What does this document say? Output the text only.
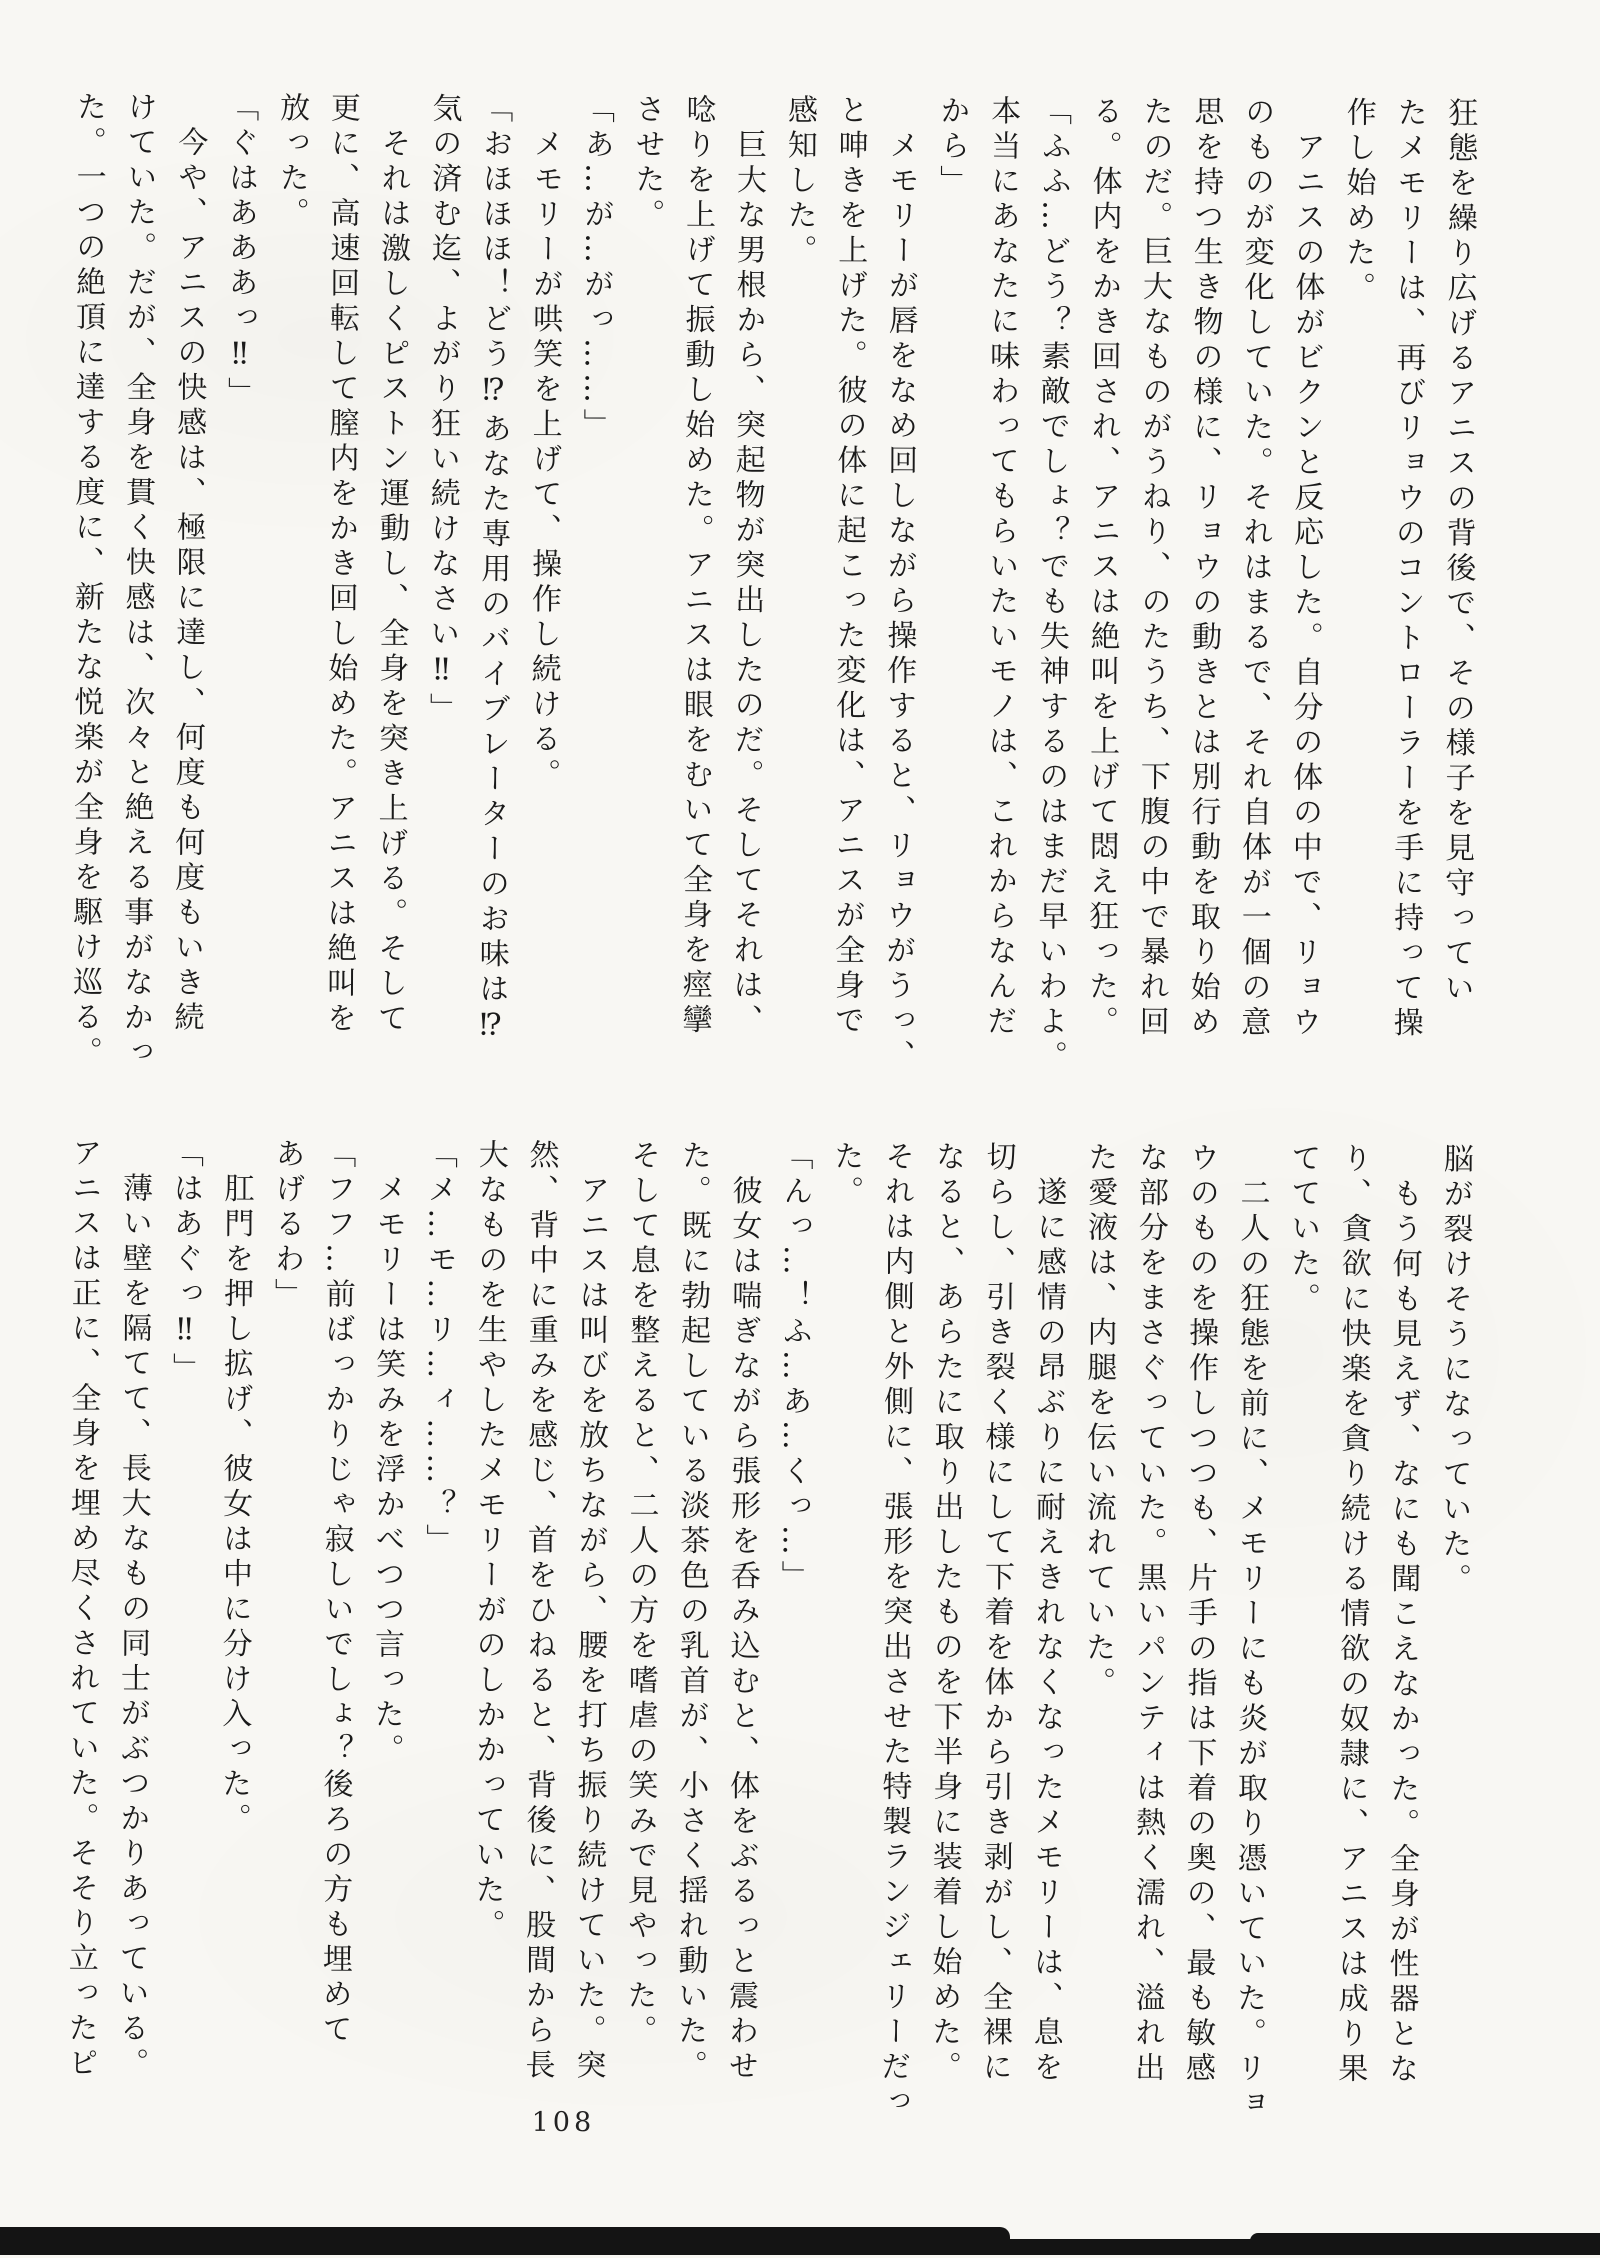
狂態を繰り広げるアニスの背後で、その様子を見守ってい
たメモリーは、再びリョウのコントローラーを手に持って操
作し始めた。
　アニスの体がビクンと反応した。自分の体の中で、リョウ
のものが変化していた。それはまるで、それ自体が一個の意
思を持つ生き物の様に、リョウの動きとは別行動を取り始め
たのだ。巨大なものがうねり、のたうち、下腹の中で暴れ回
る。体内をかき回され、アニスは絶叫を上げて悶え狂った。
「ふふ…どう？素敵でしょ？でも失神するのはまだ早いわよ。
本当にあなたに味わってもらいたいモノは、これからなんだ
から」
　メモリーが唇をなめ回しながら操作すると、リョウがうっ、
と呻きを上げた。彼の体に起こった変化は、アニスが全身で
感知した。
　巨大な男根から、突起物が突出したのだ。そしてそれは、
唸りを上げて振動し始めた。アニスは眼をむいて全身を痙攣
させた。
「あ…が…がっ……」
　メモリーが哄笑を上げて、操作し続ける。
「おほほほ！どう⁉あなた専用のバイブレーターのお味は⁉
気の済む迄、よがり狂い続けなさい‼」
　それは激しくピストン運動し、全身を突き上げる。そして
更に、高速回転して膣内をかき回し始めた。アニスは絶叫を
放った。
「ぐはあああっ‼」
　今や、アニスの快感は、極限に達し、何度も何度もいき続
けていた。だが、全身を貫く快感は、次々と絶える事がなかっ
た。一つの絶頂に達する度に、新たな悦楽が全身を駆け巡る。
脳が裂けそうになっていた。
　もう何も見えず、なにも聞こえなかった。全身が性器とな
り、貪欲に快楽を貪り続ける情欲の奴隷に、アニスは成り果
てていた。
　二人の狂態を前に、メモリーにも炎が取り憑いていた。リョ
ウのものを操作しつつも、片手の指は下着の奥の、最も敏感
な部分をまさぐっていた。黒いパンティは熱く濡れ、溢れ出
た愛液は、内腿を伝い流れていた。
　遂に感情の昂ぶりに耐えきれなくなったメモリーは、息を
切らし、引き裂く様にして下着を体から引き剥がし、全裸に
なると、あらたに取り出したものを下半身に装着し始めた。
それは内側と外側に、張形を突出させた特製ランジェリーだっ
た。
「んっ…！ふ…あ…くっ…」
　彼女は喘ぎながら張形を呑み込むと、体をぶるっと震わせ
た。既に勃起している淡茶色の乳首が、小さく揺れ動いた。
そして息を整えると、二人の方を嗜虐の笑みで見やった。
　アニスは叫びを放ちながら、腰を打ち振り続けていた。突
然、背中に重みを感じ、首をひねると、背後に、股間から長
大なものを生やしたメモリーがのしかかっていた。
「メ…モ…リ…ィ……？」
　メモリーは笑みを浮かべつつ言った。
「フフ…前ばっかりじゃ寂しいでしょ？後ろの方も埋めて
あげるわ」
　肛門を押し拡げ、彼女は中に分け入った。
「はあぐっ‼」
　薄い壁を隔てて、長大なもの同士がぶつかりあっている。
アニスは正に、全身を埋め尽くされていた。そそり立ったピ
108
